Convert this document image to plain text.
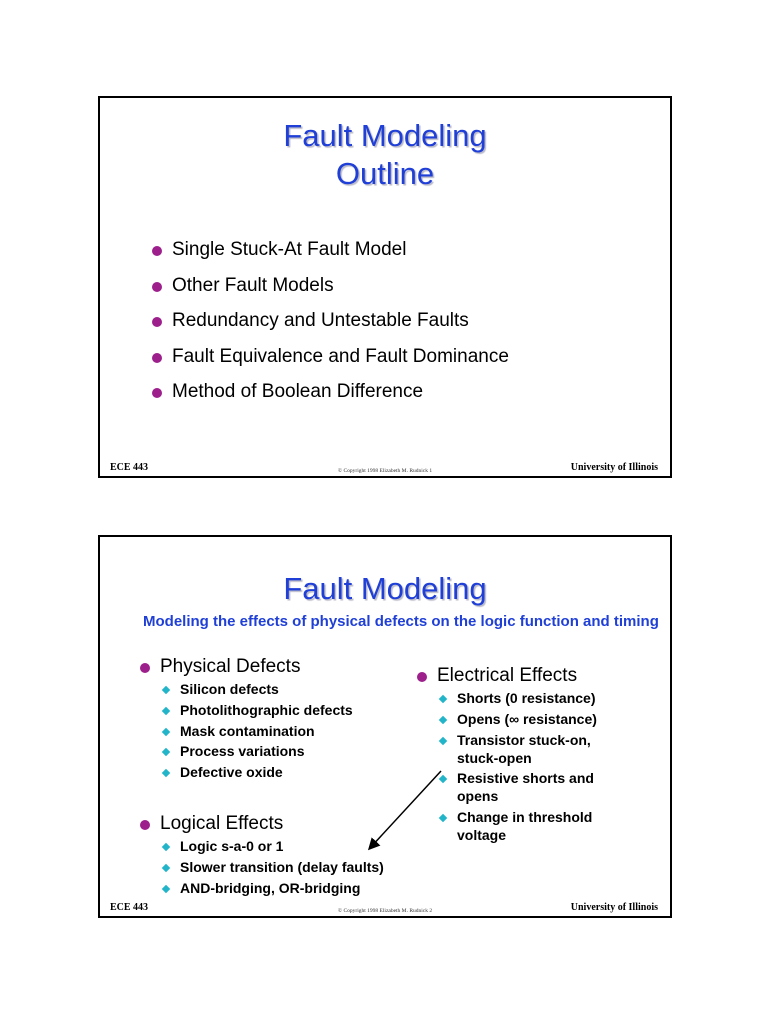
Fault Modeling
Outline
Single Stuck-At Fault Model
Other Fault Models
Redundancy and Untestable Faults
Fault Equivalence and Fault Dominance
Method of Boolean Difference
ECE 443	© Copyright 1998 Elizabeth M. Rudnick 1	University of Illinois
Fault Modeling
Modeling the effects of physical defects on the logic function and timing
Physical Defects
Silicon defects
Photolithographic defects
Mask contamination
Process variations
Defective oxide
Logical Effects
Logic s-a-0 or 1
Slower transition (delay faults)
AND-bridging, OR-bridging
Electrical Effects
Shorts (0 resistance)
Opens (∞ resistance)
Transistor stuck-on, stuck-open
Resistive shorts and opens
Change in threshold voltage
ECE 443	© Copyright 1998 Elizabeth M. Rudnick 2	University of Illinois
